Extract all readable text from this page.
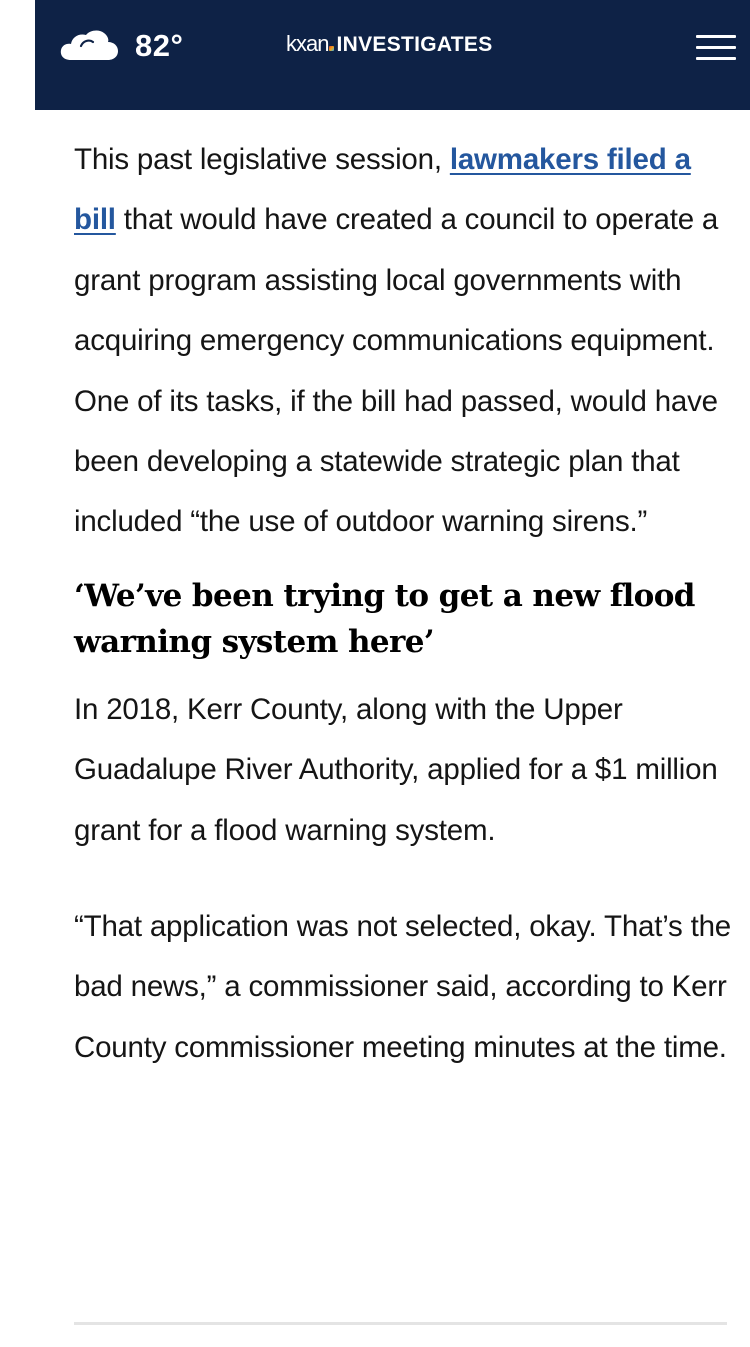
82°	kxan INVESTIGATES

This past legislative session, lawmakers filed a bill that would have created a council to operate a grant program assisting local governments with acquiring emergency communications equipment. One of its tasks, if the bill had passed, would have been developing a statewide strategic plan that included “the use of outdoor warning sirens.”

‘We’ve been trying to get a new flood warning system here’

In 2018, Kerr County, along with the Upper Guadalupe River Authority, applied for a $1 million grant for a flood warning system.

“That application was not selected, okay. That’s the bad news,” a commissioner said, according to Kerr County commissioner meeting minutes at the time.
